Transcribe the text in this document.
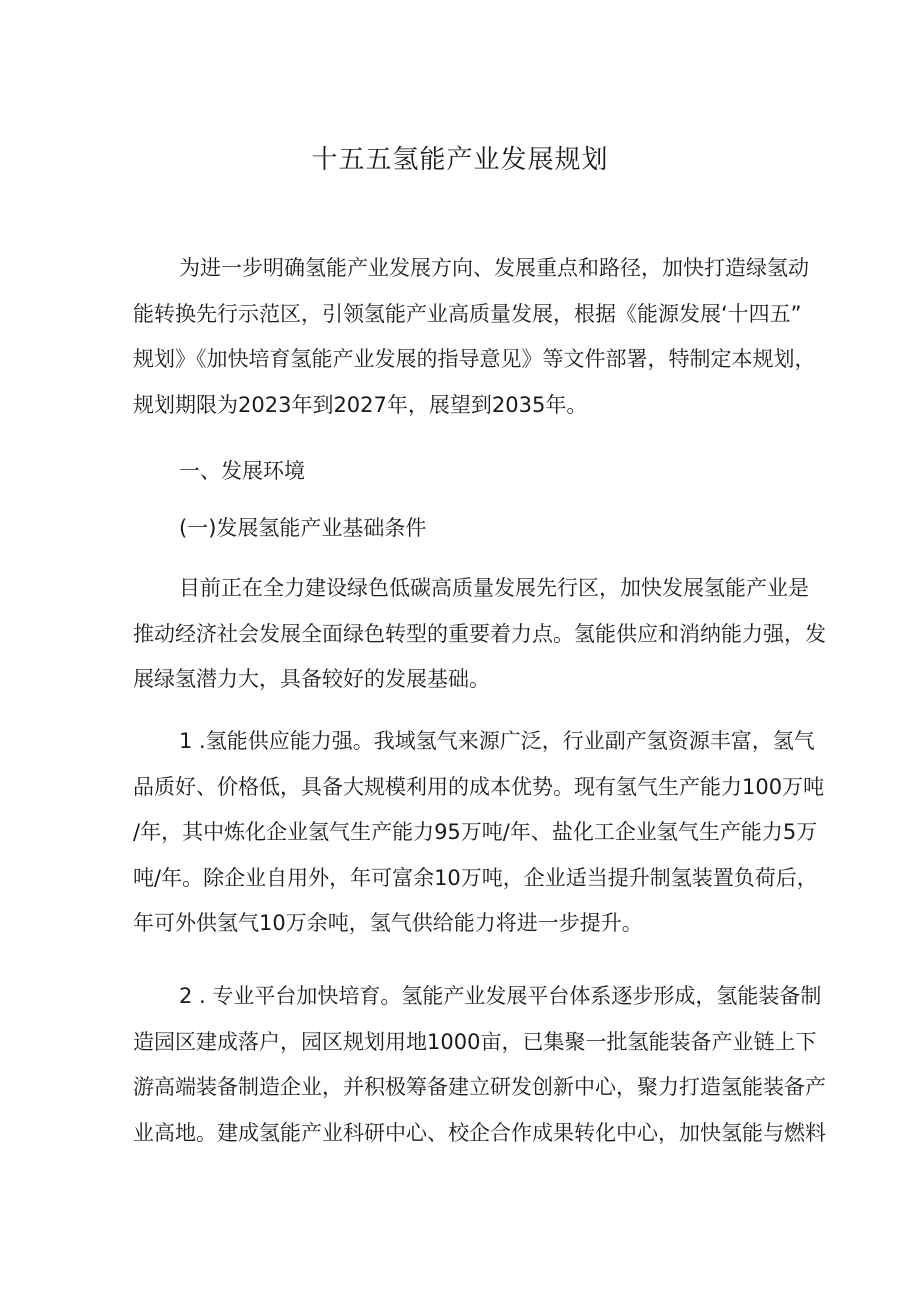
十五五氢能产业发展规划

为进一步明确氢能产业发展方向、发展重点和路径，加快打造绿氢动
能转换先行示范区，引领氢能产业高质量发展，根据《能源发展‘十四五”
规划》《加快培育氢能产业发展的指导意见》等文件部署，特制定本规划，
规划期限为2023年到2027年，展望到2035年。

一、发展环境

(一)发展氢能产业基础条件

目前正在全力建设绿色低碳高质量发展先行区，加快发展氢能产业是
推动经济社会发展全面绿色转型的重要着力点。氢能供应和消纳能力强，发
展绿氢潜力大，具备较好的发展基础。

1 .氢能供应能力强。我域氢气来源广泛，行业副产氢资源丰富，氢气
品质好、价格低，具备大规模利用的成本优势。现有氢气生产能力100万吨
/年，其中炼化企业氢气生产能力95万吨/年、盐化工企业氢气生产能力5万
吨/年。除企业自用外，年可富余10万吨，企业适当提升制氢装置负荷后，
年可外供氢气10万余吨，氢气供给能力将进一步提升。

2 . 专业平台加快培育。氢能产业发展平台体系逐步形成，氢能装备制
造园区建成落户，园区规划用地1000亩，已集聚一批氢能装备产业链上下
游高端装备制造企业，并积极筹备建立研发创新中心，聚力打造氢能装备产
业高地。建成氢能产业科研中心、校企合作成果转化中心，加快氢能与燃料
